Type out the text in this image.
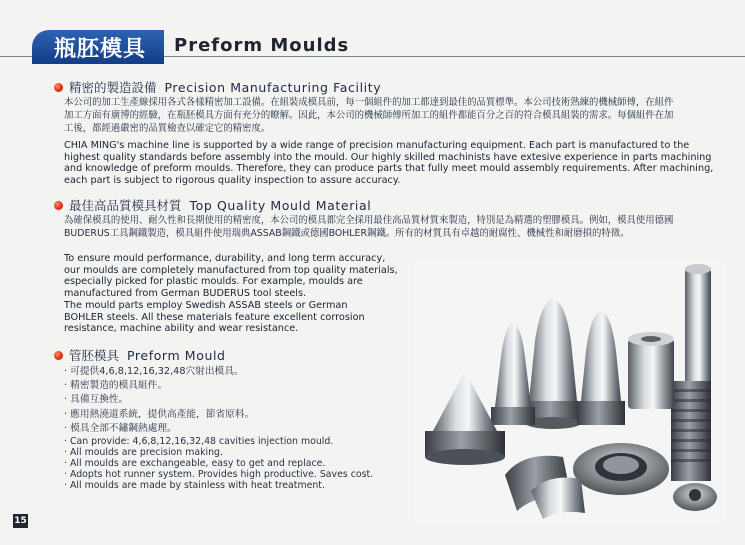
瓶胚模具 Preform Moulds
精密的製造設備 Precision Manufacturing Facility
本公司的加工生產線採用各式各樣精密加工設備。在組裝成模具前，每一個組件的加工都達到最佳的品質標準。本公司技術熟練的機械師傅，在組件
加工方面有廣博的經驗，在瓶胚模具方面有充分的瞭解。因此，本公司的機械師傅所加工的組件都能百分之百的符合模具組裝的需求。每個組件在加
工後，都經過嚴密的品質檢查以確定它的精密度。
CHIA MING's machine line is supported by a wide range of precision manufacturing equipment. Each part is manufactured to the
highest quality standards before assembly into the mould. Our highly skilled machinists have extesive experience in parts machining
and knowledge of preform moulds. Therefore, they can produce parts that fully meet mould assembly requirements. After machining,
each part is subject to rigorous quality inspection to assure accuracy.
最佳高品質模具材質 Top Quality Mould Material
為確保模具的使用、耐久性和長期使用的精密度，本公司的模具都完全採用最佳高品質材質來製造，特別是為精選的塑膠模具。例如，模具使用德國
BUDERUS工具鋼鐵製造，模具組件使用瑞典ASSAB鋼鐵或德國BOHLER鋼鐵。所有的材質具有卓越的耐腐性、機械性和耐磨損的特徵。
To ensure mould performance, durability, and long term accuracy,
our moulds are completely manufactured from top quality materials,
especially picked for plastic moulds. For example, moulds are
manufactured from German BUDERUS tool steels.
The mould parts employ Swedish ASSAB steels or German
BOHLER steels. All these materials feature excellent corrosion
resistance, machine ability and wear resistance.
管胚模具 Preform Mould
· 可提供4,6,8,12,16,32,48穴射出模具。
· 精密製造的模具組件。
· 具備互換性。
· 應用熱澆道系統，提供高產能，節省原料。
· 模具全部不鏽鋼熱處理。
· Can provide: 4,6,8,12,16,32,48 cavities injection mould.
· All moulds are precision making.
· All moulds are exchangeable, easy to get and replace.
· Adopts hot runner system. Provides high productive. Saves cost.
· All moulds are made by stainless with heat treatment.
15
